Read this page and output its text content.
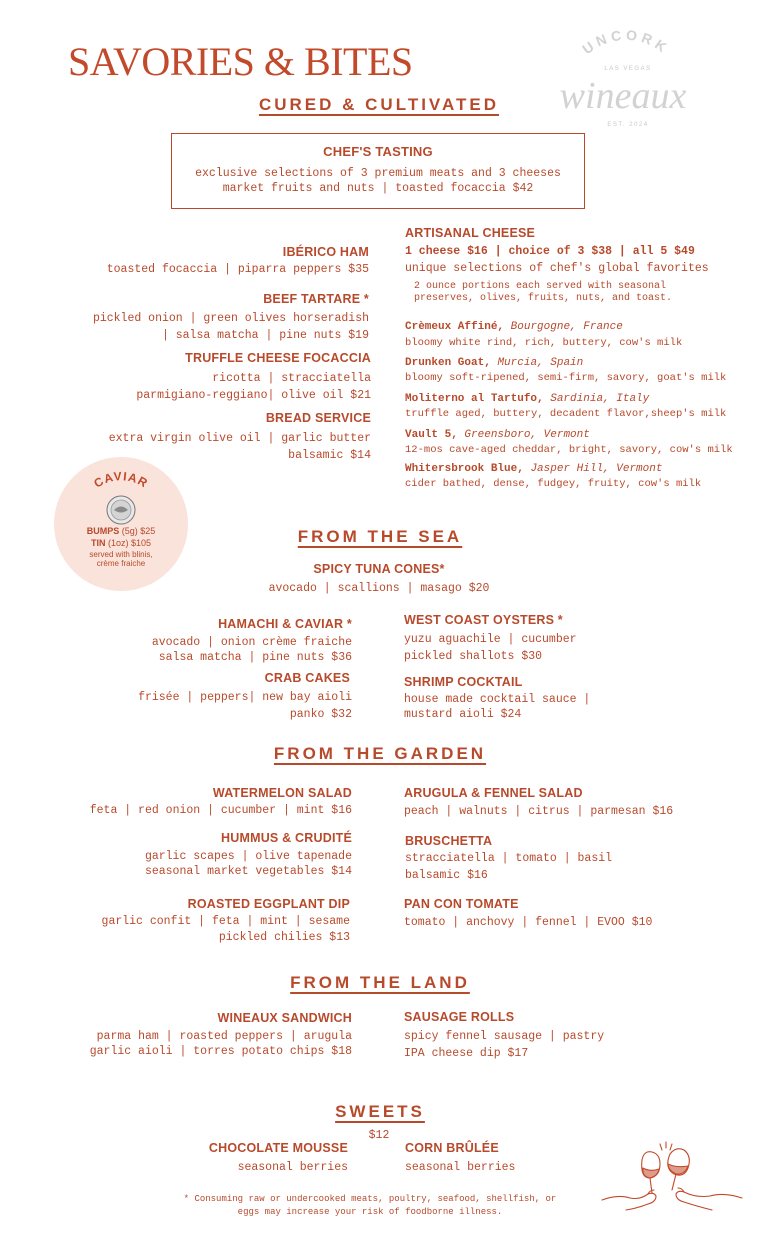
SAVORIES & BITES	UNCORK
LAS VEGAS
wineaux
EST. 2024
CURED & CULTIVATED
CHEF'S TASTING
exclusive selections of 3 premium meats and 3 cheeses
market fruits and nuts | toasted focaccia $42
IBÉRICO HAM
toasted focaccia | piparra peppers $35
BEEF TARTARE *
pickled onion | green olives horseradish
| salsa matcha | pine nuts $19
TRUFFLE CHEESE FOCACCIA
ricotta | stracciatella
parmigiano-reggiano| olive oil $21
BREAD SERVICE
extra virgin olive oil | garlic butter
balsamic $14
ARTISANAL CHEESE
1 cheese $16 | choice of 3 $38 | all 5 $49
unique selections of chef's global favorites
2 ounce portions each served with seasonal
preserves, olives, fruits, nuts, and toast.
Crèmeux Affiné, Bourgogne, France
bloomy white rind, rich, buttery, cow's milk
Drunken Goat, Murcia, Spain
bloomy soft-ripened, semi-firm, savory, goat's milk
Moliterno al Tartufo, Sardinia, Italy
truffle aged, buttery, decadent flavor,sheep's milk
Vault 5, Greensboro, Vermont
12-mos cave-aged cheddar, bright, savory, cow's milk
Whitersbrook Blue, Jasper Hill, Vermont
cider bathed, dense, fudgey, fruity, cow's milk
CAVIAR
BUMPS (5g) $25
TIN (1oz) $105
served with blinis,
crème fraiche
FROM THE SEA
SPICY TUNA CONES*
avocado | scallions | masago $20
HAMACHI & CAVIAR *
avocado | onion crème fraiche
salsa matcha | pine nuts $36
CRAB CAKES
frisée | peppers| new bay aioli
panko $32
WEST COAST OYSTERS *
yuzu aguachile | cucumber
pickled shallots $30
SHRIMP COCKTAIL
house made cocktail sauce |
mustard aioli $24
FROM THE GARDEN
WATERMELON SALAD
feta | red onion | cucumber | mint $16
HUMMUS & CRUDITÉ
garlic scapes | olive tapenade
seasonal market vegetables $14
ROASTED EGGPLANT DIP
garlic confit | feta | mint | sesame
pickled chilies $13
ARUGULA & FENNEL SALAD
peach | walnuts | citrus | parmesan $16
BRUSCHETTA
stracciatella | tomato | basil
balsamic $16
PAN CON TOMATE
tomato | anchovy | fennel | EVOO $10
FROM THE LAND
WINEAUX SANDWICH
parma ham | roasted peppers | arugula
garlic aioli | torres potato chips $18
SAUSAGE ROLLS
spicy fennel sausage | pastry
IPA cheese dip $17
SWEETS
$12
CHOCOLATE MOUSSE
seasonal berries
CORN BRÛLÉE
seasonal berries
* Consuming raw or undercooked meats, poultry, seafood, shellfish, or
eggs may increase your risk of foodborne illness.
